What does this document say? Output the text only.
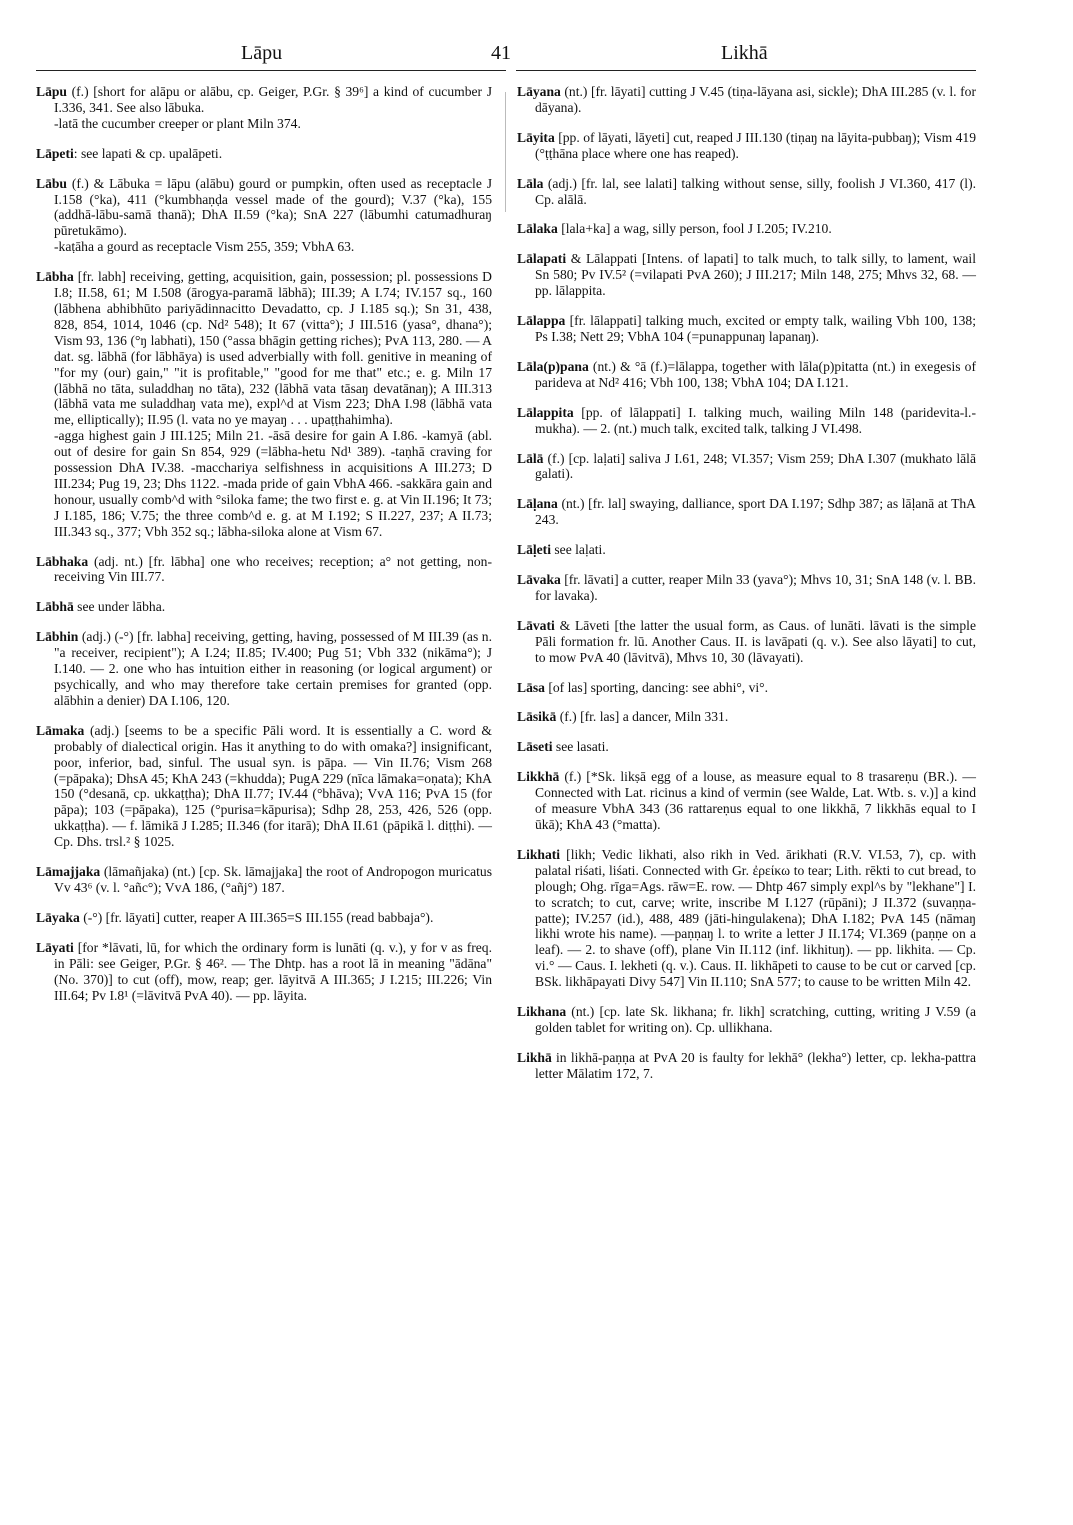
Lāpu	41	Likhā

Lāpu (f.) [short for alāpu or alābu, cp. Geiger, P.Gr. § 39⁶] a kind of cucumber J I.336, 341. See also lābuka.
-latā the cucumber creeper or plant Miln 374.

Lāpeti: see lapati & cp. upalāpeti.

Lābu (f.) & Lābuka = lāpu (alābu) gourd or pumpkin, often used as receptacle J I.158 (°ka), 411 (°kumbhaṇḍa vessel made of the gourd); V.37 (°ka), 155 (addhā-lābu-samā thanā); DhA II.59 (°ka); SnA 227 (lābumhi catumadhuraŋ pūretukāmo).
-kaṭāha a gourd as receptacle Vism 255, 359; VbhA 63.

Lābha [fr. labh] receiving, getting, acquisition, gain, possession; pl. possessions D I.8; II.58, 61; M I.508 (ārogya-paramā lābhā); III.39; A I.74; IV.157 sq., 160 (lābhena abhibhūto pariyādinnacitto Devadatto, cp. J I.185 sq.); Sn 31, 438, 828, 854, 1014, 1046 (cp. Nd² 548); It 67 (vitta°); J III.516 (yasa°, dhana°); Vism 93, 136 (°ŋ labhati), 150 (°assa bhāgin getting riches); PvA 113, 280. — A dat. sg. lābhā (for lābhāya) is used adverbially with foll. genitive in meaning of "for my (our) gain," "it is profitable," "good for me that" etc.; e. g. Miln 17 (lābhā no tāta, suladdhaŋ no tāta), 232 (lābhā vata tāsaŋ devatānaŋ); A III.313 (lābhā vata me suladdhaŋ vata me), expl^d at Vism 223; DhA I.98 (lābhā vata me, elliptically); II.95 (l. vata no ye mayaŋ . . . upaṭṭhahimha).
-agga highest gain J III.125; Miln 21. -āsā desire for gain A I.86. -kamyā (abl. out of desire for gain Sn 854, 929 (=lābha-hetu Nd¹ 389). -taṇhā craving for possession DhA IV.38. -macchariya selfishness in acquisitions A III.273; D III.234; Pug 19, 23; Dhs 1122. -mada pride of gain VbhA 466. -sakkāra gain and honour, usually comb^d with °siloka fame; the two first e. g. at Vin II.196; It 73; J I.185, 186; V.75; the three comb^d e. g. at M I.192; S II.227, 237; A II.73; III.343 sq., 377; Vbh 352 sq.; lābha-siloka alone at Vism 67.

Lābhaka (adj. nt.) [fr. lābha] one who receives; reception; a° not getting, non-receiving Vin III.77.

Lābhā see under lābha.

Lābhin (adj.) (-°) [fr. labha] receiving, getting, having, possessed of M III.39 (as n. "a receiver, recipient"); A I.24; II.85; IV.400; Pug 51; Vbh 332 (nikāma°); J I.140. — 2. one who has intuition either in reasoning (or logical argument) or psychically, and who may therefore take certain premises for granted (opp. alābhin a denier) DA I.106, 120.

Lāmaka (adj.) [seems to be a specific Pāli word. It is essentially a C. word & probably of dialectical origin. Has it anything to do with omaka?] insignificant, poor, inferior, bad, sinful. The usual syn. is pāpa. — Vin II.76; Vism 268 (=pāpaka); DhsA 45; KhA 243 (=khudda); PugA 229 (nīca lāmaka=oṇata); KhA 150 (°desanā, cp. ukkaṭṭha); DhA II.77; IV.44 (°bhāva); VvA 116; PvA 15 (for pāpa); 103 (=pāpaka), 125 (°purisa=kāpurisa); Sdhp 28, 253, 426, 526 (opp. ukkaṭṭha). — f. lāmikā J I.285; II.346 (for itarā); DhA II.61 (pāpikā l. diṭṭhi). — Cp. Dhs. trsl.² § 1025.

Lāmajjaka (lāmañjaka) (nt.) [cp. Sk. lāmajjaka] the root of Andropogon muricatus Vv 43⁶ (v. l. °añc°); VvA 186, (°añj°) 187.

Lāyaka (-°) [fr. lāyati] cutter, reaper A III.365=S III.155 (read babbaja°).

Lāyati [for *lāvati, lū, for which the ordinary form is lunāti (q. v.), y for v as freq. in Pāli: see Geiger, P.Gr. § 46². — The Dhtp. has a root lā in meaning "ādāna" (No. 370)] to cut (off), mow, reap; ger. lāyitvā A III.365; J I.215; III.226; Vin III.64; Pv I.8¹ (=lāvitvā PvA 40). — pp. lāyita.

Lāyana (nt.) [fr. lāyati] cutting J V.45 (tiṇa-lāyana asi, sickle); DhA III.285 (v. l. for dāyana).

Lāyita [pp. of lāyati, lāyeti] cut, reaped J III.130 (tiṇaŋ na lāyita-pubbaŋ); Vism 419 (°ṭṭhāna place where one has reaped).

Lāla (adj.) [fr. lal, see lalati] talking without sense, silly, foolish J VI.360, 417 (l). Cp. alālā.

Lālaka [lala+ka] a wag, silly person, fool J I.205; IV.210.

Lālapati & Lālappati [Intens. of lapati] to talk much, to talk silly, to lament, wail Sn 580; Pv IV.5² (=vilapati PvA 260); J III.217; Miln 148, 275; Mhvs 32, 68. — pp. lālappita.

Lālappa [fr. lālappati] talking much, excited or empty talk, wailing Vbh 100, 138; Ps I.38; Nett 29; VbhA 104 (=punappunaŋ lapanaŋ).

Lāla(p)pana (nt.) & °ā (f.)=lālappa, together with lāla(p)pitatta (nt.) in exegesis of parideva at Nd² 416; Vbh 100, 138; VbhA 104; DA I.121.

Lālappita [pp. of lālappati] I. talking much, wailing Miln 148 (paridevita-l.-mukha). — 2. (nt.) much talk, excited talk, talking J VI.498.

Lālā (f.) [cp. laḷati] saliva J I.61, 248; VI.357; Vism 259; DhA I.307 (mukhato lālā galati).

Lāḷana (nt.) [fr. lal] swaying, dalliance, sport DA I.197; Sdhp 387; as lāḷanā at ThA 243.

Lāḷeti see laḷati.

Lāvaka [fr. lāvati] a cutter, reaper Miln 33 (yava°); Mhvs 10, 31; SnA 148 (v. l. BB. for lavaka).

Lāvati & Lāveti [the latter the usual form, as Caus. of lunāti. lāvati is the simple Pāli formation fr. lū. Another Caus. II. is lavāpati (q. v.). See also lāyati] to cut, to mow PvA 40 (lāvitvā), Mhvs 10, 30 (lāvayati).

Lāsa [of las] sporting, dancing: see abhi°, vi°.

Lāsikā (f.) [fr. las] a dancer, Miln 331.

Lāseti see lasati.

Likkhā (f.) [*Sk. likṣā egg of a louse, as measure equal to 8 trasareṇu (BR.). — Connected with Lat. ricinus a kind of vermin (see Walde, Lat. Wtb. s. v.)] a kind of measure VbhA 343 (36 rattareṇus equal to one likkhā, 7 likkhās equal to I ūkā); KhA 43 (°matta).

Likhati [likh; Vedic likhati, also rikh in Ved. ārikhati (R.V. VI.53, 7), cp. with palatal riśati, liśati. Connected with Gr. ἐρείκω to tear; Lith. rēkti to cut bread, to plough; Ohg. rīga=Ags. rāw=E. row. — Dhtp 467 simply expl^s by "lekhane"] I. to scratch; to cut, carve; write, inscribe M I.127 (rūpāni); J II.372 (suvaṇṇa-patte); IV.257 (id.), 488, 489 (jāti-hingulakena); DhA I.182; PvA 145 (nāmaŋ likhi wrote his name). —paṇṇaŋ l. to write a letter J II.174; VI.369 (paṇṇe on a leaf). — 2. to shave (off), plane Vin II.112 (inf. likhituŋ). — pp. likhita. — Cp. vi.° — Caus. I. lekheti (q. v.). Caus. II. likhāpeti to cause to be cut or carved [cp. BSk. likhāpayati Divy 547] Vin II.110; SnA 577; to cause to be written Miln 42.

Likhana (nt.) [cp. late Sk. likhana; fr. likh] scratching, cutting, writing J V.59 (a golden tablet for writing on). Cp. ullikhana.

Likhā in likhā-paṇṇa at PvA 20 is faulty for lekhā° (lekha°) letter, cp. lekha-pattra letter Mālatim 172, 7.
